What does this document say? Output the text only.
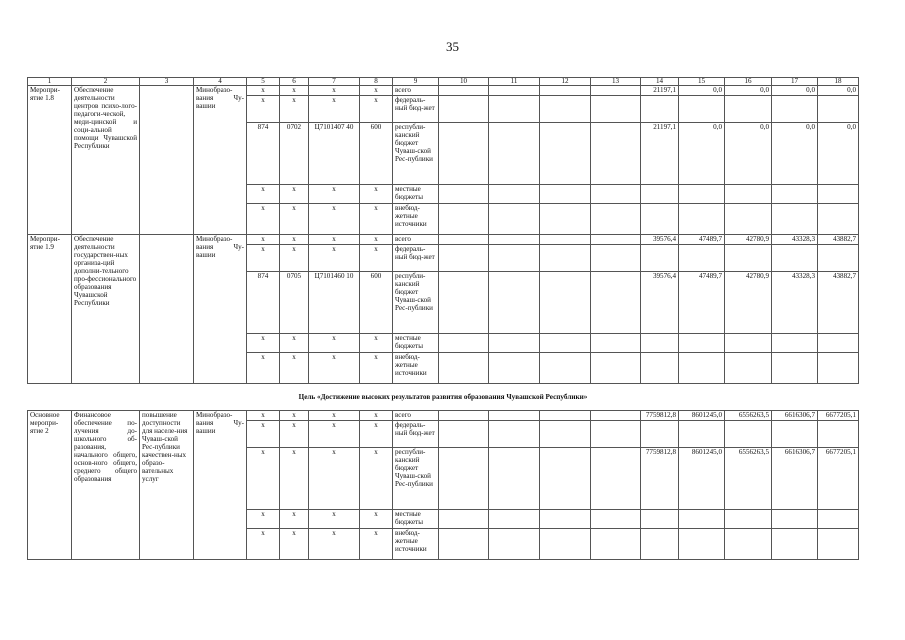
35
1	2	3	4	5	6	7	8	9	10	11	12	13	14	15	16	17	18
Меропри-ятие 1.8	Обеспечение деятельности центров психо-лого-педагоги-ческой, меди-цинской и соци-альной помощи Чувашской Республики		Минобразо-вания Чу-вашии	x	x	x	x	всего					21197,1	0,0	0,0	0,0	0,0
				x	x	x	x	федераль-ный бюд-жет									
				874	0702	Ц7101407 40	600	республи-канский бюджет Чуваш-ской Рес-публики					21197,1	0,0	0,0	0,0	0,0
				x	x	x	x	местные бюджеты									
				x	x	x	x	внебюд-жетные источники									
Меропри-ятие 1.9	Обеспечение деятельности государствен-ных организа-ций дополни-тельного про-фессионального образования Чувашской Республики		Минобразо-вания Чу-вашии	x	x	x	x	всего					39576,4	47489,7	42780,9	43328,3	43882,7
				x	x	x	x	федераль-ный бюд-жет									
				874	0705	Ц7101460 10	600	республи-канский бюджет Чуваш-ской Рес-публики					39576,4	47489,7	42780,9	43328,3	43882,7
				x	x	x	x	местные бюджеты									
				x	x	x	x	внебюд-жетные источники									
Цель «Достижение высоких результатов развития образования Чувашской Республики»																	
Основное меропри-ятие 2	Финансовое обеспечение по-лучения до-школьного об-разования, начального общего, основ-ного общего, среднего общего образования	повышение доступности для населе-ния Чуваш-ской Рес-публики качествен-ных образо-вательных услуг	Минобразо-вания Чу-вашии	x	x	x	x	всего					7759812,8	8601245,0	6556263,5	6616306,7	6677205,1
				x	x	x	x	федераль-ный бюд-жет									
				x	x	x	x	республи-канский бюджет Чуваш-ской Рес-публики					7759812,8	8601245,0	6556263,5	6616306,7	6677205,1
				x	x	x	x	местные бюджеты									
				x	x	x	x	внебюд-жетные источники									
